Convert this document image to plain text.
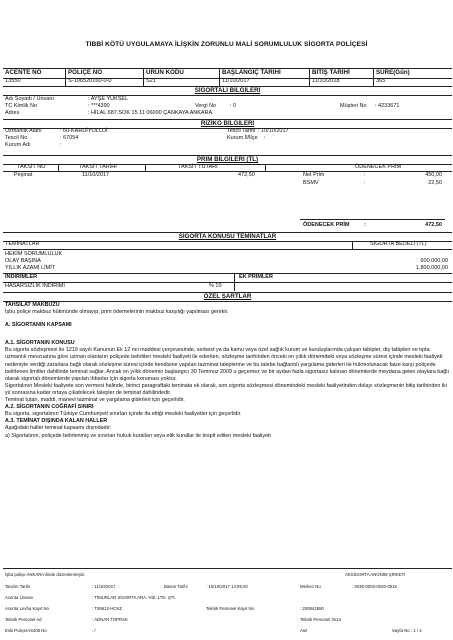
TIBBİ KÖTÜ UYGULAMAYA İLİŞKİN ZORUNLU MALİ SORUMLULUK SİGORTA POLİÇESİ
ACENTE NO	POLİÇE NO	ÜRÜN KODU	BAŞLANGIÇ TARİHİ	BİTİŞ TARİHİ	SÜRE(Gün)
13550	S-106520160-0-0	S21	11/10/2017	11/10/2018	365
SİGORTALI BİLGİLERİ
Adı Soyadı / Ünvanı	: AYŞE YÜKSEL
TC Kimlik No	: ***4390	Vergi No	: 0	Müşteri No : 4233671
Adres	: HİLAL 687.SOK 15 11 06000 ÇANKAYA ANKARA
RİZİKO BİLGİLERİ
Uzmanlık Alanı	: 60-KARDİYOLOJİ	Tescil Tarihi : 10/10/2017
Tescil No.	: 67054	Kurum İl/İlçe :
Kurum Adı	:
PRİM BİLGİLERİ (TL)
TAKSİT NO	TAKSİT TARİHİ	TAKSİT TUTARI	ÖDENECEK PRİM
Peşinat	11/10/2017	472,50	Net Prim	:	450,00
BSMV	:	22,50
ÖDENECEK PRİM	:	472,50
SİGORTA KONUSU TEMİNATLAR
TEMİNATLAR	SİGORTA BEDELİ (TL)
HEKİM SORUMLULUK
OLAY BAŞINA	600.000,00
YILLIK AZAMİ LİMİT	1.800.000,00
İNDİRİMLER	EK PRİMLER
HASARSIZLIK İNDİRİMİ	% 10
ÖZEL ŞARTLAR

TAHSİLAT MAKBUZU

İşbu poliçe makbuz hükmünde olmayıp, prim ödemelerinin makbuz karşılığı yapılması gerekir.

A. SİGORTANIN KAPSAMI

A.1. SİGORTANIN KONUSU

Bu sigorta sözleşmesi ile 1219 sayılı Kanunun Ek 12 nci maddesi çerçevesinde, serbest ya da kamu veya özel sağlık kurum ve kuruluşlarında çalışan tabipler, diş tabipleri ve tıpta uzmanlık mevzuatına göre uzman olanların poliçede belirtilen mesleki faaliyeti ile ederken, sözleşme tarihinden önceki on yıllık dönemdeki veya sözleşme süresi içinde mesleki faaliyeti nedeniyle verdiği zararlara bağlı olarak sözleşme süresi içinde kendisine yapılan tazminat taleplerine ve bu talebe bağlantılı yargılama giderleri ile hükmolunacak faize karşı poliçede belirlenen limitler dahilinde teminat sağlar. Ancak on yıllık dönemin başlangıcı 30 Temmuz 2009 u geçemez ve bir aydan fazla sigortasız kalınan dönemlerde meydana gelen olaylara bağlı olarak sigortalı dönemlerde yapılan ihbarlar için sigorta koruması yoktur.

Sigortalının Mesleki faaliyete son vermesi halinde, birinci paragraftaki teminata ek olarak, son sigorta sözleşmesi dönemindeki mesleki faaliyetinden dolayı sözleşmenin bitiş tarihinden iki yıl sonrasına kadar ortaya çıkabilecek talepler de teminat dahilindedir.

Teminat tutarı, maddi, manevi tazminat ve yargılama giderleri için geçerlidir.

A.2. SİGORTANIN COĞRAFİ SINIRI

Bu sigorta, sigortalının Türkiye Cumhuriyeti sınırları içinde ifa ettiği mesleki faaliyetler için geçerlidir.

A.3. TEMİNAT DIŞINDA KALAN HALLER

Aşağıdaki haller teminat kapsamı dışındadır:

a) Sigortalının, poliçede belirlenmiş ve sınırları hukuk kuralları veya etik kurallar ile tespit edilen mesleki faaliyeti

İşbu poliçe ANKARA ilinde düzenlenmiştir.	AKSİGORTA ANONİM ŞİRKETİ
Tanzim Tarihi	: 11/10/2017	Basım Tarihi	: 10/10/2017 14:05:20	Merkez No	: 0035-0003-0020-0016
Acenta Ünvanı	: TİMURLAR SİGORTA ARA. HİZ. LTD. ŞTİ.
Acenta Levha Kayıt No	: T06612-HCKZ	Teknik Personel Kayıt No	: 200942650
Teknik Personel Ad	: ADNAN TOPRAK	Teknik Personel İmza
Eski Poliçe/AS400 No	: /	Asıl	Sayfa No : 1 / 4
